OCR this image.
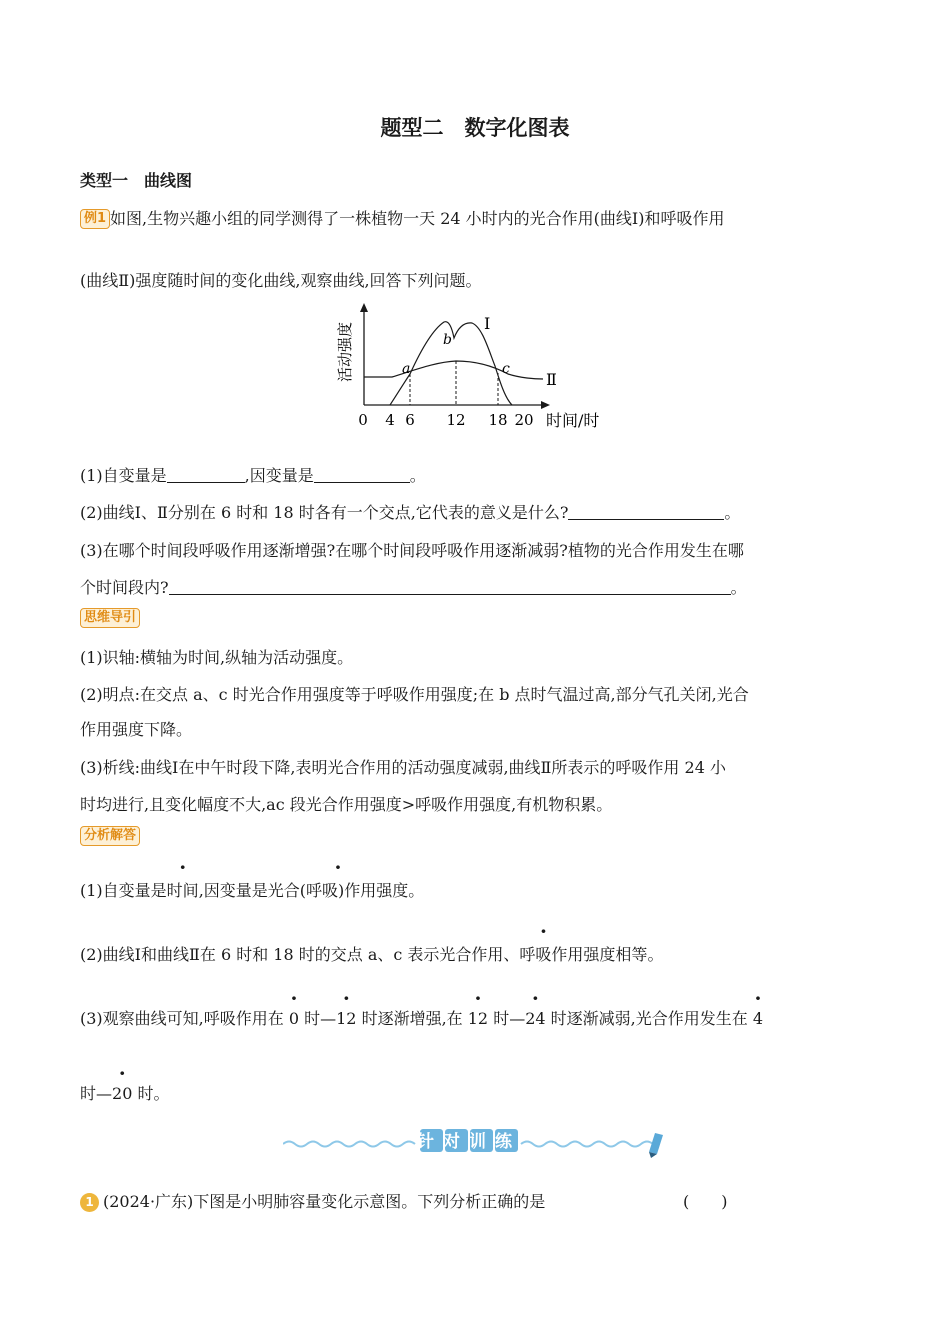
题型二　数字化图表
类型一　曲线图
例1 如图,生物兴趣小组的同学测得了一株植物一天 24 小时内的光合作用(曲线Ⅰ)和呼吸作用
(曲线Ⅱ)强度随时间的变化曲线,观察曲线,回答下列问题。
活动强度	a
b
c
Ⅰ
Ⅱ
0 4 6 12 18 20 时间/时
(1)自变量是	,因变量是	。
(2)曲线Ⅰ、Ⅱ分别在 6 时和 18 时各有一个交点,它代表的意义是什么?	。
(3)在哪个时间段呼吸作用逐渐增强?在哪个时间段呼吸作用逐渐减弱?植物的光合作用发生在哪
个时间段内?	。
思维导引
(1)识轴:横轴为时间,纵轴为活动强度。
(2)明点:在交点 a、c 时光合作用强度等于呼吸作用强度;在 b 点时气温过高,部分气孔关闭,光合
作用强度下降。
(3)析线:曲线Ⅰ在中午时段下降,表明光合作用的活动强度减弱,曲线Ⅱ所表示的呼吸作用 24 小
时均进行,且变化幅度不大,ac 段光合作用强度>呼吸作用强度,有机物积累。
分析解答
(1)自变量是时间,因变量是· 光合(呼吸)作用强度。
(2)曲线Ⅰ和曲线Ⅱ在 6 时和 18 时的交点 a、c 表示· 光合作用、呼吸作用强度相等。
(3)观察曲线可知,呼吸作用在 · 0 时—· 12 时逐渐增强,在 · 12 时—· 24 时逐渐减弱,光合作用发生在 · 4
时—· 20 时。
针对训练
1 (2024·广东)下图是小明肺容量变化示意图。下列分析正确的是	(　　)
